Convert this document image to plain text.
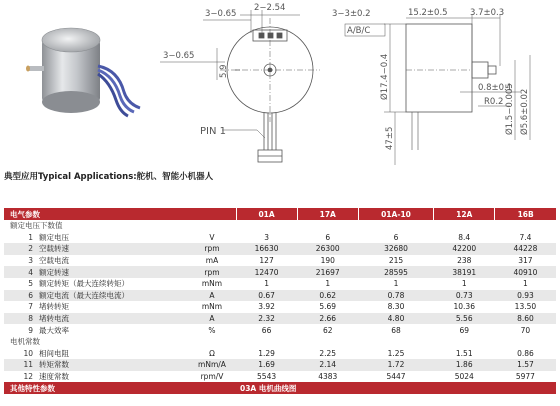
3−0.65
2−2.54
3−0.65
5.9
3−3±0.2	15.2±0.5	3.7±0.3
Ø17.4−0.4	0.8±0.1
R0.2 Ø1.5−0.005 Ø5.6±0.02
47±5
A/B/C
PIN 1
典型应用Typical Applications:舵机、智能小机器人
电气参数			01A	17A	01A-10	12A	16B
额定电压下数值							
1	额定电压	V	3	6	6	8.4	7.4
2	空载转速	rpm	16630	26300	32680	42200	44228
3	空载电流	mA	127	190	215	238	317
4	额定转速	rpm	12470	21697	28595	38191	40910
5	额定转矩（最大连续转矩）	mNm	1	1	1	1	1
6	额定电流（最大连续电流）	A	0.67	0.62	0.78	0.73	0.93
7	堵转转矩	mNm	3.92	5.69	8.30	10.36	13.50
8	堵转电流	A	2.32	2.66	4.80	5.56	8.60
9	最大效率	%	66	62	68	69	70
电机常数							
10	相间电阻	Ω	1.29	2.25	1.25	1.51	0.86
11	转矩常数	mNm/A	1.69	2.14	1.72	1.86	1.57
12	速度常数	rpm/V	5543	4383	5447	5024	5977
其他特性参数			03A 电机曲线图				
